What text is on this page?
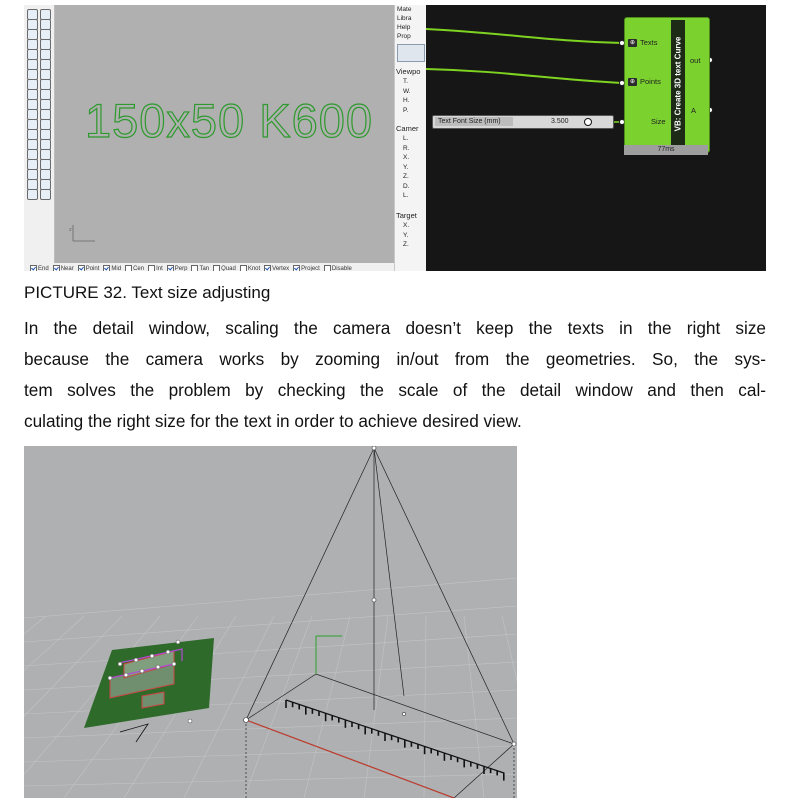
150x50 K600
z
End Near Point Mid Cen Int Perp Tan Quad Knot Vertex Project Disable
Mate
Libra
Help
Prop
Viewpo
Camer
Target
T.
W.
H.
P.
L.
R.
X.
Y.
Z.
D.
L.
X.
Y.
Z.
Text Font Size (mm)	3.500
⊕ Texts
⊕ Points
Size VB: Create 3D text Curve out
A
77ms
PICTURE 32. Text size adjusting
In the detail window, scaling the camera doesn’t keep the texts in the right size
because the camera works by zooming in/out from the geometries. So, the sys-
tem solves the problem by checking the scale of the detail window and then cal-
culating the right size for the text in order to achieve desired view.
